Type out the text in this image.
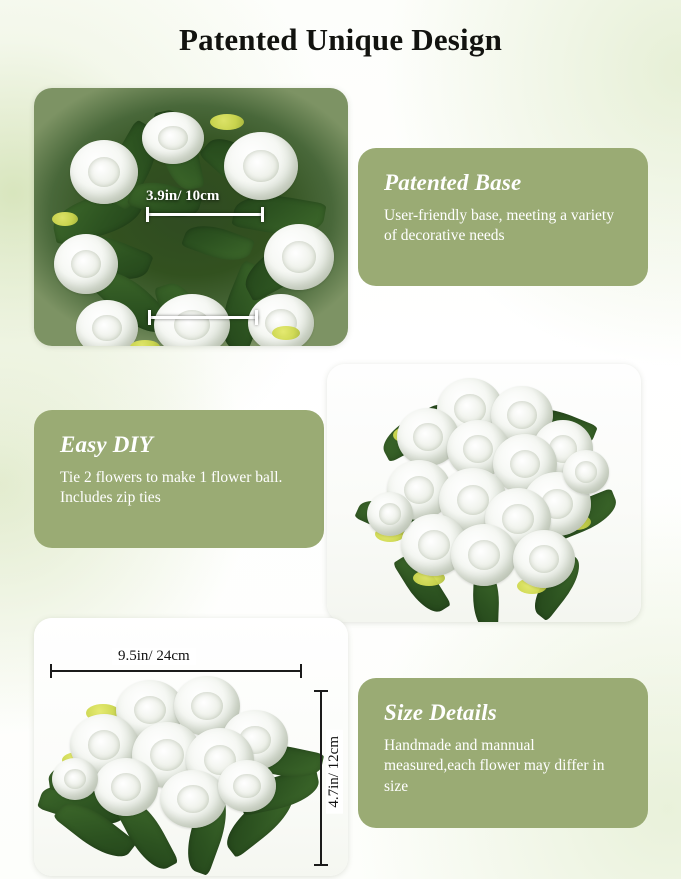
Patented Unique Design
3.9in/ 10cm
Patented Base

User-friendly base, meeting a variety of decorative needs

Easy DIY

Tie 2 flowers to make 1 flower ball. Includes zip ties

9.5in/ 24cm
4.7in/ 12cm
Size Details

Handmade and mannual measured,each flower may differ in size
